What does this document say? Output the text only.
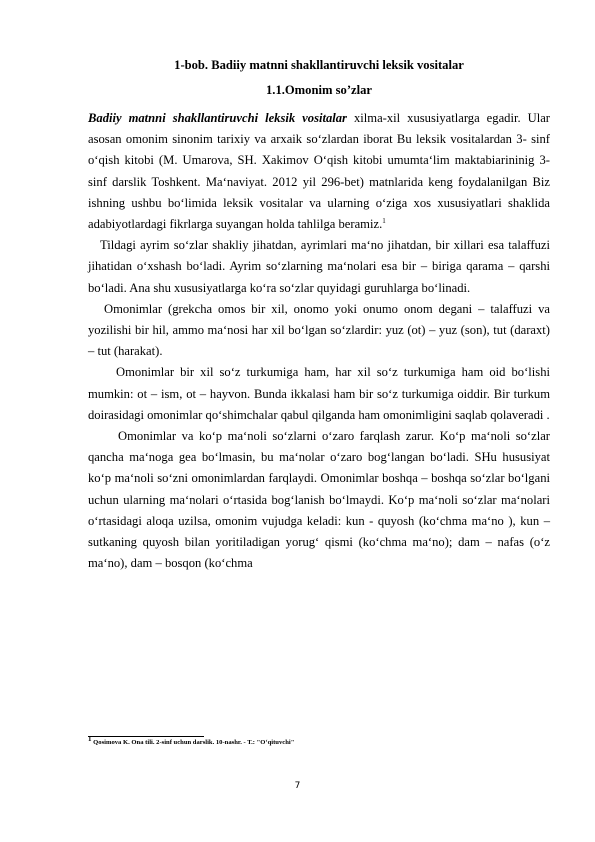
1-bob. Badiiy matnni shakllantiruvchi leksik vositalar
1.1.Omonim so’zlar

Badiiy matnni shakllantiruvchi leksik vositalar xilma-xil xususiyatlarga egadir. Ular asosan omonim sinonim tarixiy va arxaik so‘zlardan iborat Bu leksik vositalardan 3- sinf o‘qish kitobi (M. Umarova, SH. Xakimov O‘qish kitobi umumta‘lim maktabiarininig 3-sinf darslik Toshkent. Ma‘naviyat. 2012 yil 296-bet) matnlarida keng foydalanilgan Biz ishning ushbu bo‘limida leksik vositalar va ularning o‘ziga xos xususiyatlari shaklida adabiyotlardagi fikrlarga suyangan holda tahlilga beramiz.$^1$

Tildagi ayrim so‘zlar shakliy jihatdan, ayrimlari ma‘no jihatdan, bir xillari esa talaffuzi jihatidan o‘xshash bo‘ladi. Ayrim so‘zlarning ma‘nolari esa bir – biriga qarama – qarshi bo‘ladi. Ana shu xususiyatlarga ko‘ra so‘zlar quyidagi guruhlarga bo‘linadi.

Omonimlar (grekcha omos bir xil, onomo yoki onumo onom degani – talaffuzi va yozilishi bir hil, ammo ma‘nosi har xil bo‘lgan so‘zlardir: yuz (ot) – yuz (son), tut (daraxt) – tut (harakat).

Omonimlar bir xil so‘z turkumiga ham, har xil so‘z turkumiga ham oid bo‘lishi mumkin: ot – ism, ot – hayvon. Bunda ikkalasi ham bir so‘z turkumiga oiddir. Bir turkum doirasidagi omonimlar qo‘shimchalar qabul qilganda ham omonimligini saqlab qolaveradi .

Omonimlar va ko‘p ma‘noli so‘zlarni o‘zaro farqlash zarur. Ko‘p ma‘noli so‘zlar qancha ma‘noga gea bo‘lmasin, bu ma‘nolar o‘zaro bog‘langan bo‘ladi. SHu hususiyat ko‘p ma‘noli so‘zni omonimlardan farqlaydi. Omonimlar boshqa – boshqa so‘zlar bo‘lgani uchun ularning ma‘nolari o‘rtasida bog‘lanish bo‘lmaydi. Ko‘p ma‘noli so‘zlar ma‘nolari o‘rtasidagi aloqa uzilsa, omonim vujudga keladi: kun - quyosh (ko‘chma ma‘no ), kun – sutkaning quyosh bilan yoritiladigan yorug‘ qismi (ko‘chma ma‘no); dam – nafas (o‘z ma‘no), dam – bosqon (ko‘chma

$^1$ Qosimova K. Ona tili. 2-sinf uchun darslik. 10-nashr. - T.: "O‘qituvchi"
7
